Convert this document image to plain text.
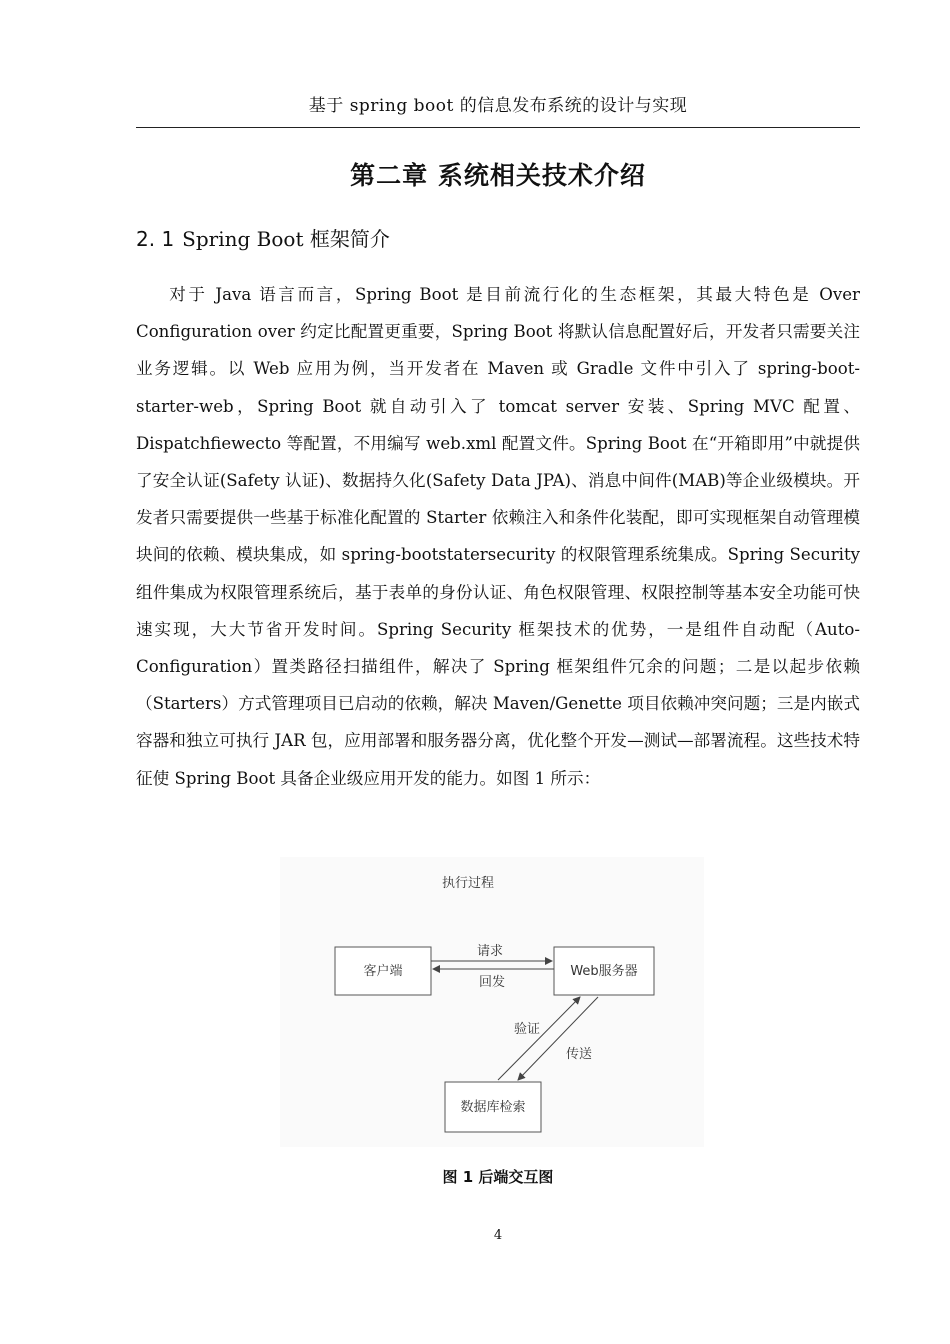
基于 spring boot 的信息发布系统的设计与实现
第二章 系统相关技术介绍
2. 1 Spring Boot 框架简介

对于 Java 语言而言，Spring Boot 是目前流行化的生态框架，其最大特色是 Over Configuration over 约定比配置更重要，Spring Boot 将默认信息配置好后，开发者只需要关注业务逻辑。以 Web 应用为例，当开发者在 Maven 或 Gradle 文件中引入了 spring-boot-starter-web，Spring Boot 就自动引入了 tomcat server 安装、Spring MVC 配置、Dispatchfiewecto 等配置，不用编写 web.xml 配置文件。Spring Boot 在“开箱即用”中就提供了安全认证(Safety 认证)、数据持久化(Safety Data JPA)、消息中间件(MAB)等企业级模块。开发者只需要提供一些基于标准化配置的 Starter 依赖注入和条件化装配，即可实现框架自动管理模块间的依赖、模块集成，如 spring-bootstatersecurity 的权限管理系统集成。Spring Security 组件集成为权限管理系统后，基于表单的身份认证、角色权限管理、权限控制等基本安全功能可快速实现，大大节省开发时间。Spring Security 框架技术的优势，一是组件自动配（Auto-Configuration）置类路径扫描组件，解决了 Spring 框架组件冗余的问题；二是以起步依赖（Starters）方式管理项目已启动的依赖，解决 Maven/Genette 项目依赖冲突问题；三是内嵌式容器和独立可执行 JAR 包，应用部署和服务器分离，优化整个开发—测试—部署流程。这些技术特征使 Spring Boot 具备企业级应用开发的能力。如图 1 所示：

执行过程
客户端	Web服务器
数据库检索
请求
回发
验证
传送
图 1 后端交互图
4
